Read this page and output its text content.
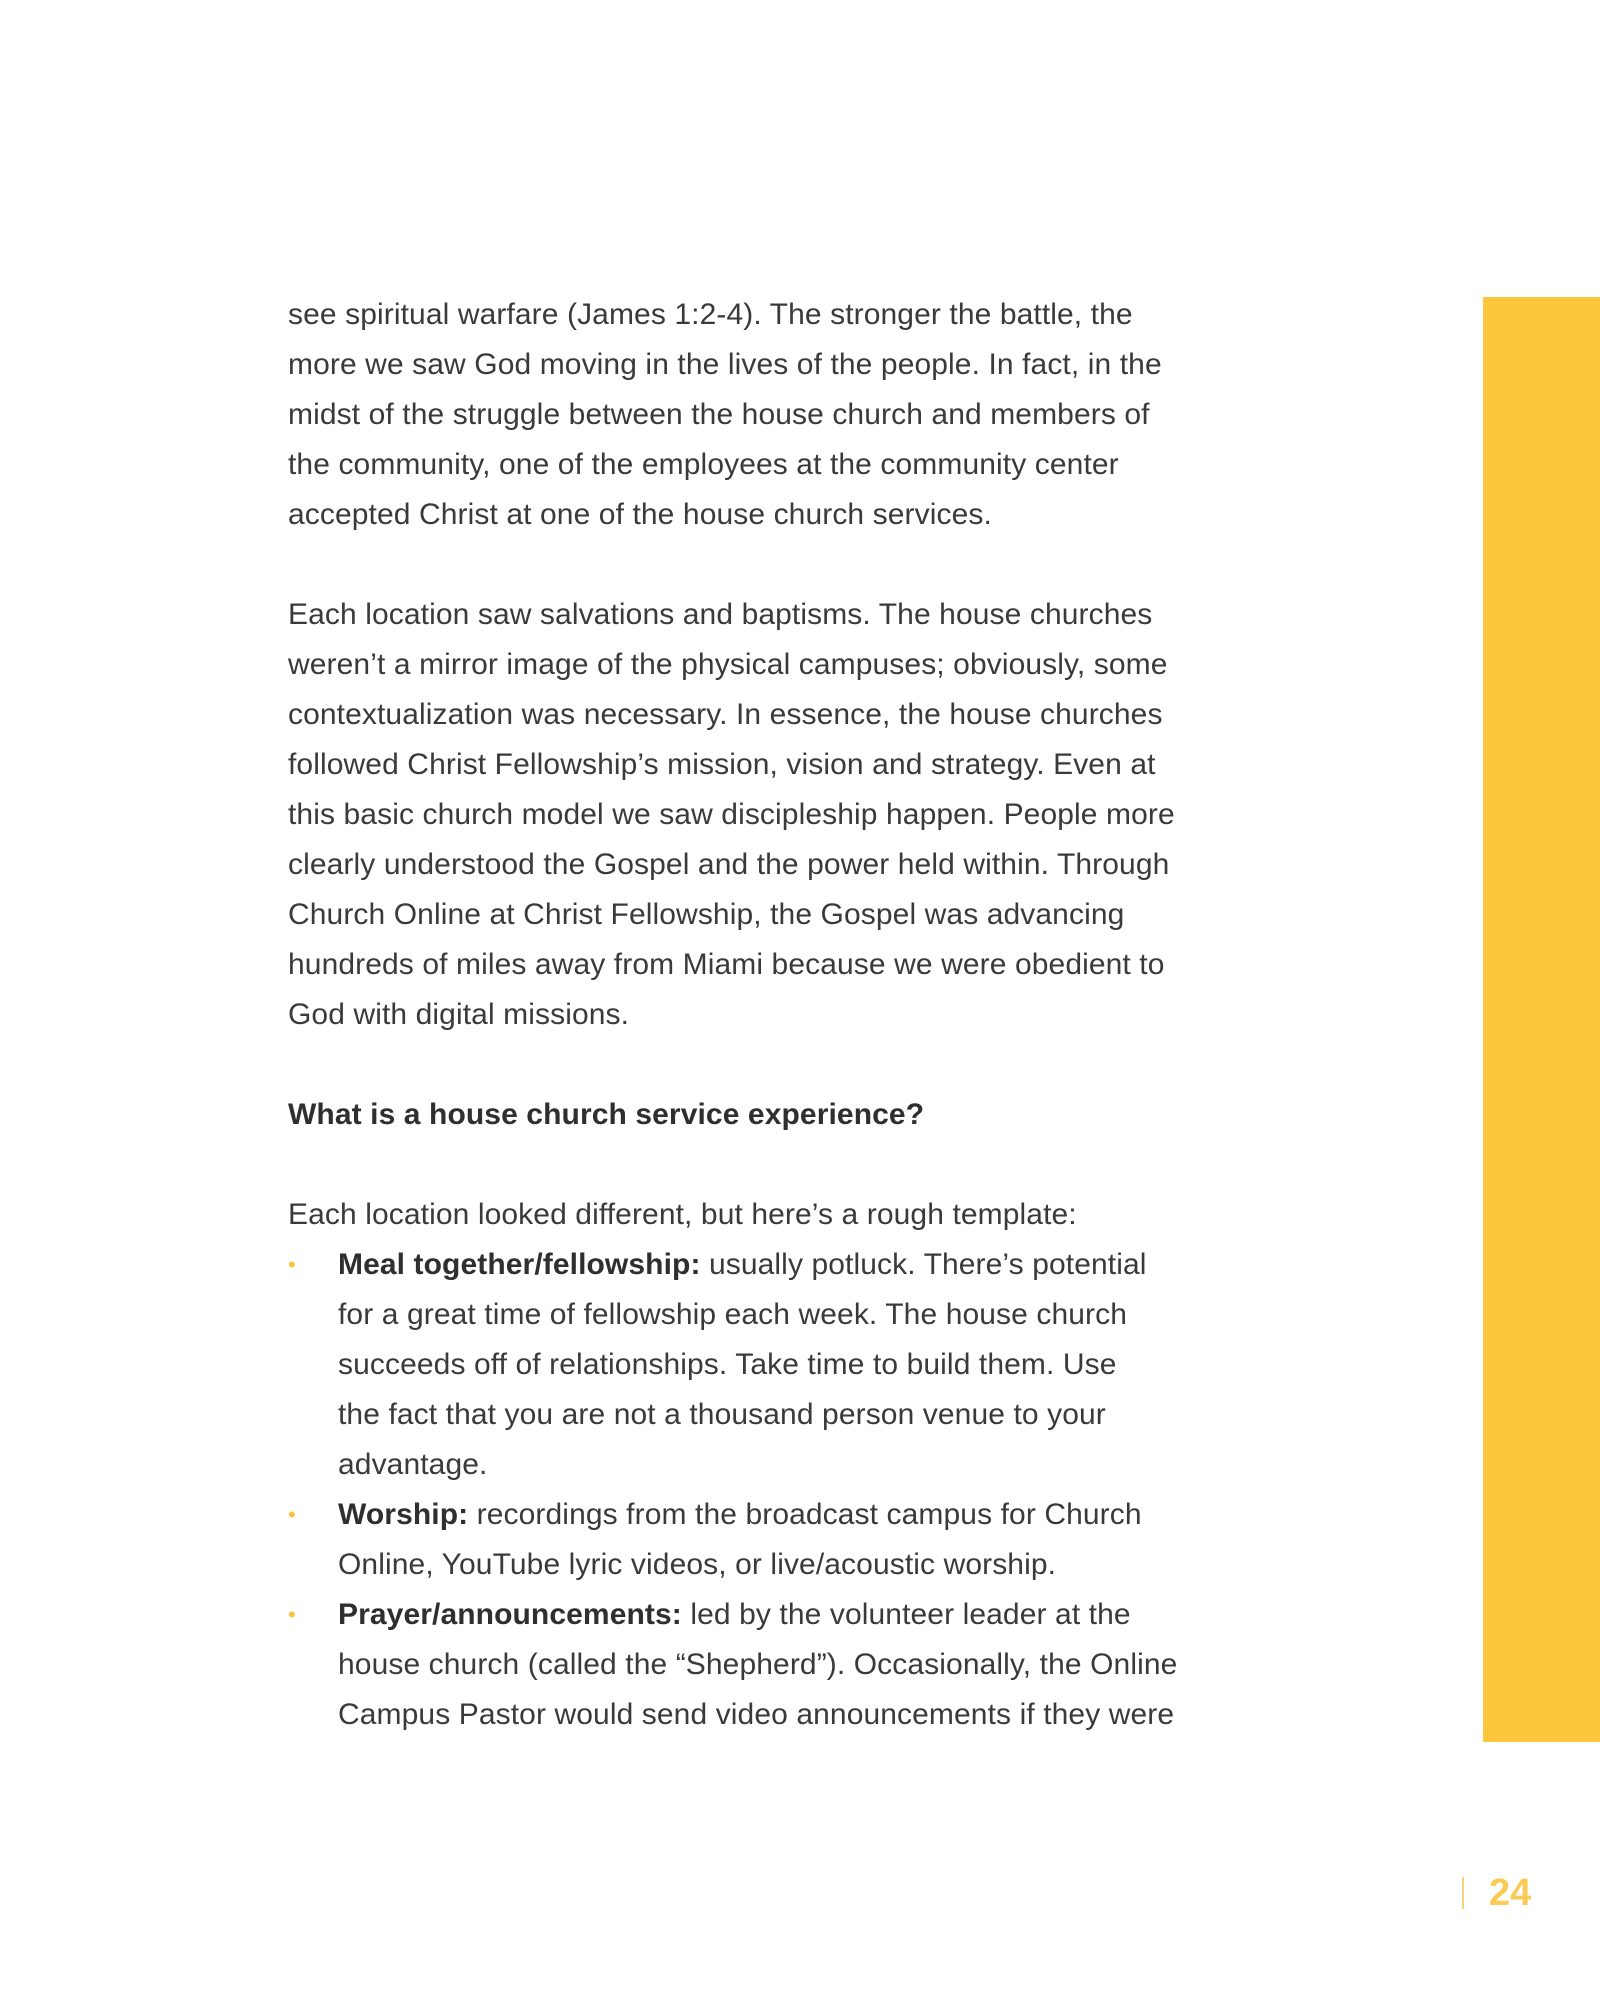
see spiritual warfare (James 1:2-4). The stronger the battle, the
more we saw God moving in the lives of the people. In fact, in the
midst of the struggle between the house church and members of
the community, one of the employees at the community center
accepted Christ at one of the house church services.

Each location saw salvations and baptisms. The house churches
weren’t a mirror image of the physical campuses; obviously, some
contextualization was necessary. In essence, the house churches
followed Christ Fellowship’s mission, vision and strategy. Even at
this basic church model we saw discipleship happen. People more
clearly understood the Gospel and the power held within. Through
Church Online at Christ Fellowship, the Gospel was advancing
hundreds of miles away from Miami because we were obedient to
God with digital missions.

What is a house church service experience?

Each location looked different, but here’s a rough template:

•	Meal together/fellowship: usually potluck. There’s potential
for a great time of fellowship each week. The house church
succeeds off of relationships. Take time to build them. Use
the fact that you are not a thousand person venue to your
advantage.
•	Worship: recordings from the broadcast campus for Church
Online, YouTube lyric videos, or live/acoustic worship.
•	Prayer/announcements: led by the volunteer leader at the
house church (called the “Shepherd”). Occasionally, the Online
Campus Pastor would send video announcements if they were
24
